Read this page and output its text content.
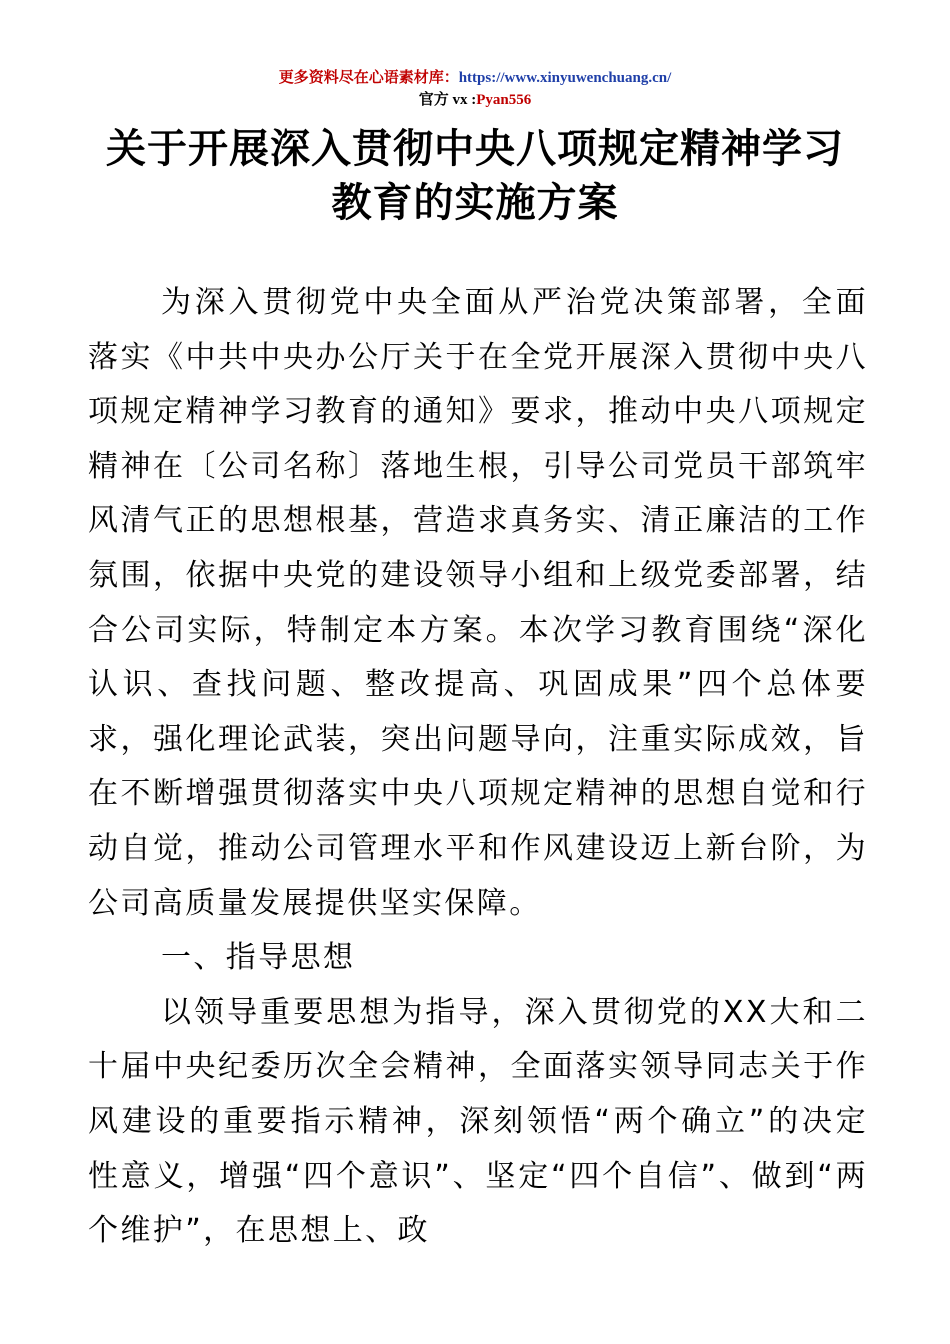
更多资料尽在心语素材库：https://www.xinyuwenchuang.cn/
官方 vx :Pyan556
关于开展深入贯彻中央八项规定精神学习
教育的实施方案

为深入贯彻党中央全面从严治党决策部署，全面落实《中共中央办公厅关于在全党开展深入贯彻中央八项规定精神学习教育的通知》要求，推动中央八项规定精神在〔公司名称〕落地生根，引导公司党员干部筑牢风清气正的思想根基，营造求真务实、清正廉洁的工作氛围，依据中央党的建设领导小组和上级党委部署，结合公司实际，特制定本方案。本次学习教育围绕“深化认识、查找问题、整改提高、巩固成果”四个总体要求，强化理论武装，突出问题导向，注重实际成效，旨在不断增强贯彻落实中央八项规定精神的思想自觉和行动自觉，推动公司管理水平和作风建设迈上新台阶，为公司高质量发展提供坚实保障。

一、指导思想

以领导重要思想为指导，深入贯彻党的XX大和二十届中央纪委历次全会精神，全面落实领导同志关于作风建设的重要指示精神，深刻领悟“两个确立”的决定性意义，增强“四个意识”、坚定“四个自信”、做到“两个维护”，在思想上、政
